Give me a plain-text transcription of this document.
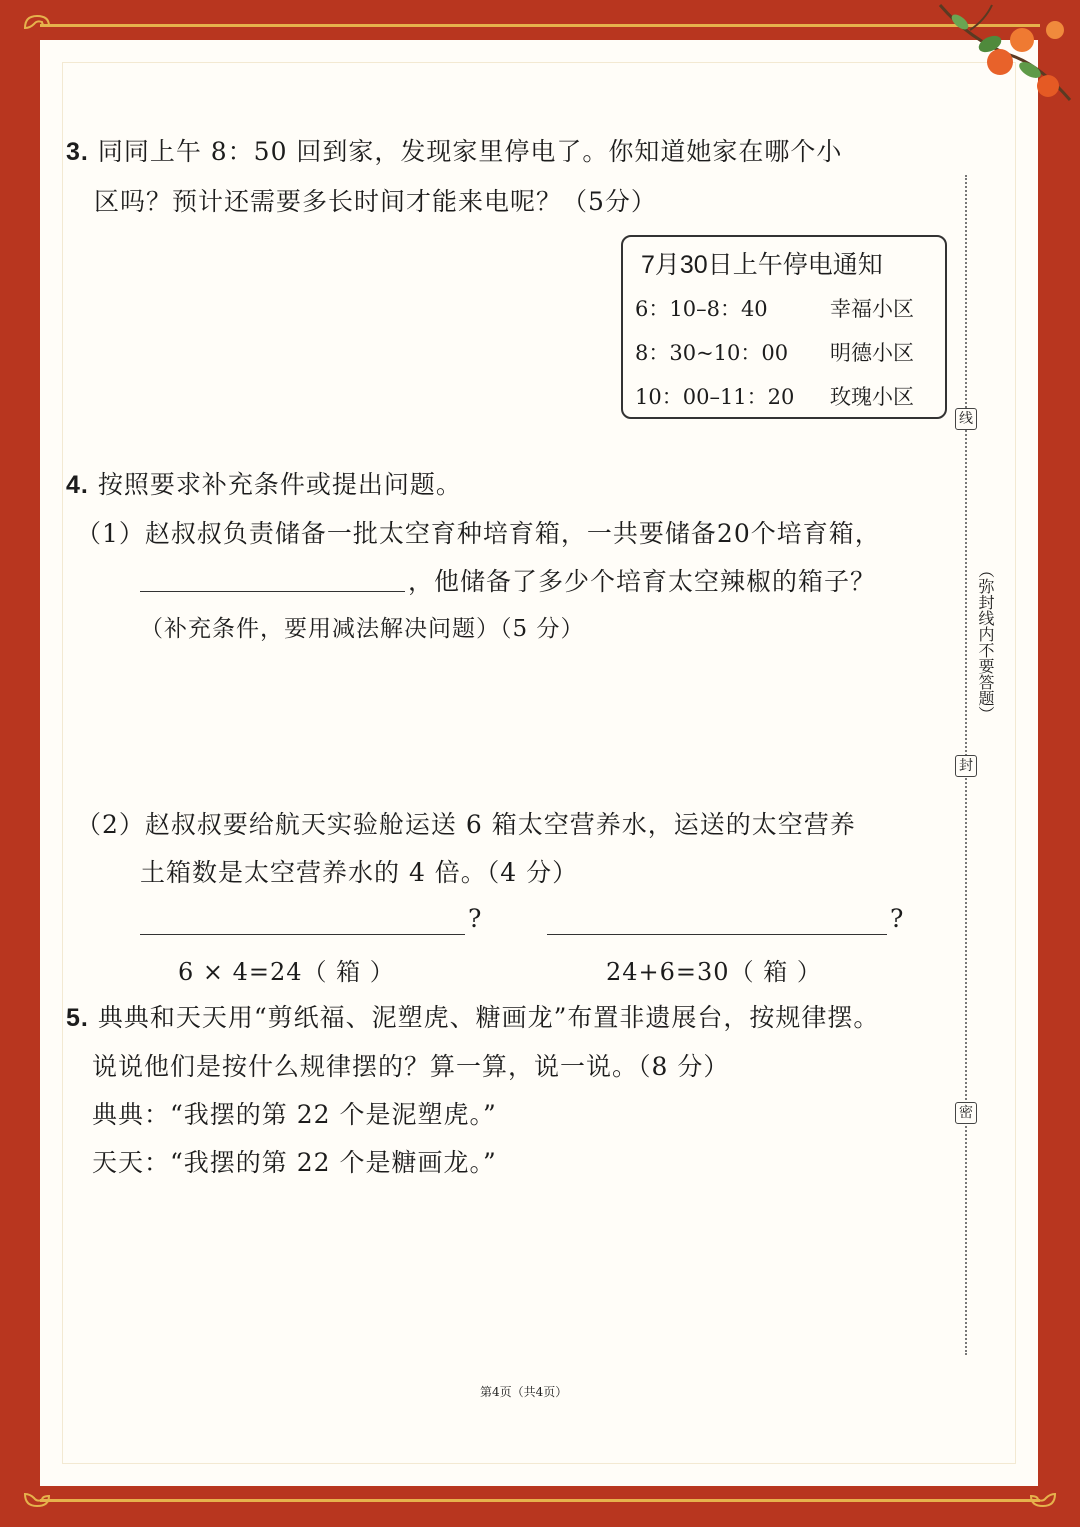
3. 同同上午 8：50 回到家，发现家里停电了。你知道她家在哪个小
区吗？预计还需要多长时间才能来电呢？（5分）
7月30日上午停电通知
6：10–8：40	幸福小区
8：30~10：00 明德小区
10：00–11：20 玫瑰小区
4. 按照要求补充条件或提出问题。
（1）赵叔叔负责储备一批太空育种培育箱，一共要储备20个培育箱，
，他储备了多少个培育太空辣椒的箱子？
（补充条件，要用减法解决问题）（5 分）
（2）赵叔叔要给航天实验舱运送 6 箱太空营养水，运送的太空营养
土箱数是太空营养水的 4 倍。（4 分）
?	?
6 × 4=24（ 箱 ）	24+6=30（ 箱 ）
5. 典典和天天用“剪纸福、泥塑虎、糖画龙”布置非遗展台，按规律摆。
说说他们是按什么规律摆的？算一算，说一说。（8 分）
典典：“我摆的第 22 个是泥塑虎。”
天天：“我摆的第 22 个是糖画龙。”
线
（弥封线内不要答题）
封
密
第4页（共4页）
